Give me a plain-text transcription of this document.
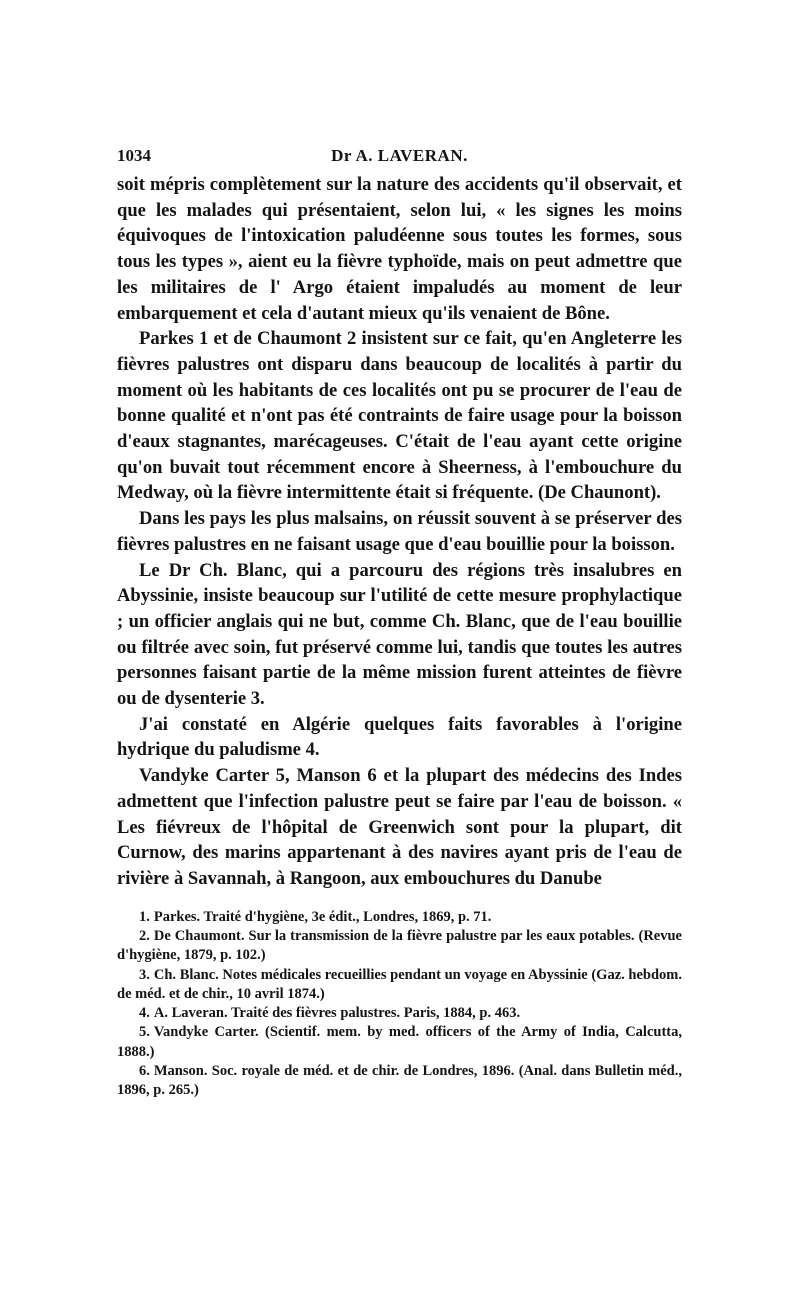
1034	Dr A. LAVERAN.

soit mépris complètement sur la nature des accidents qu'il observait, et que les malades qui présentaient, selon lui, « les signes les moins équivoques de l'intoxication paludéenne sous toutes les formes, sous tous les types », aient eu la fièvre typhoïde, mais on peut admettre que les militaires de l' Argo étaient impaludés au moment de leur embarquement et cela d'autant mieux qu'ils venaient de Bône.

Parkes 1 et de Chaumont 2 insistent sur ce fait, qu'en Angleterre les fièvres palustres ont disparu dans beaucoup de localités à partir du moment où les habitants de ces localités ont pu se procurer de l'eau de bonne qualité et n'ont pas été contraints de faire usage pour la boisson d'eaux stagnantes, marécageuses. C'était de l'eau ayant cette origine qu'on buvait tout récemment encore à Sheerness, à l'embouchure du Medway, où la fièvre intermittente était si fréquente. (De Chaunont).

Dans les pays les plus malsains, on réussit souvent à se préserver des fièvres palustres en ne faisant usage que d'eau bouillie pour la boisson.

Le Dr Ch. Blanc, qui a parcouru des régions très insalubres en Abyssinie, insiste beaucoup sur l'utilité de cette mesure prophylactique ; un officier anglais qui ne but, comme Ch. Blanc, que de l'eau bouillie ou filtrée avec soin, fut préservé comme lui, tandis que toutes les autres personnes faisant partie de la même mission furent atteintes de fièvre ou de dysenterie 3.

J'ai constaté en Algérie quelques faits favorables à l'origine hydrique du paludisme 4.

Vandyke Carter 5, Manson 6 et la plupart des médecins des Indes admettent que l'infection palustre peut se faire par l'eau de boisson. « Les fiévreux de l'hôpital de Greenwich sont pour la plupart, dit Curnow, des marins appartenant à des navires ayant pris de l'eau de rivière à Savannah, à Rangoon, aux embouchures du Danube

1. Parkes. Traité d'hygiène, 3e édit., Londres, 1869, p. 71.

2. De Chaumont. Sur la transmission de la fièvre palustre par les eaux potables. (Revue d'hygiène, 1879, p. 102.)

3. Ch. Blanc. Notes médicales recueillies pendant un voyage en Abyssinie (Gaz. hebdom. de méd. et de chir., 10 avril 1874.)

4. A. Laveran. Traité des fièvres palustres. Paris, 1884, p. 463.

5. Vandyke Carter. (Scientif. mem. by med. officers of the Army of India, Calcutta, 1888.)

6. Manson. Soc. royale de méd. et de chir. de Londres, 1896. (Anal. dans Bulletin méd., 1896, p. 265.)
